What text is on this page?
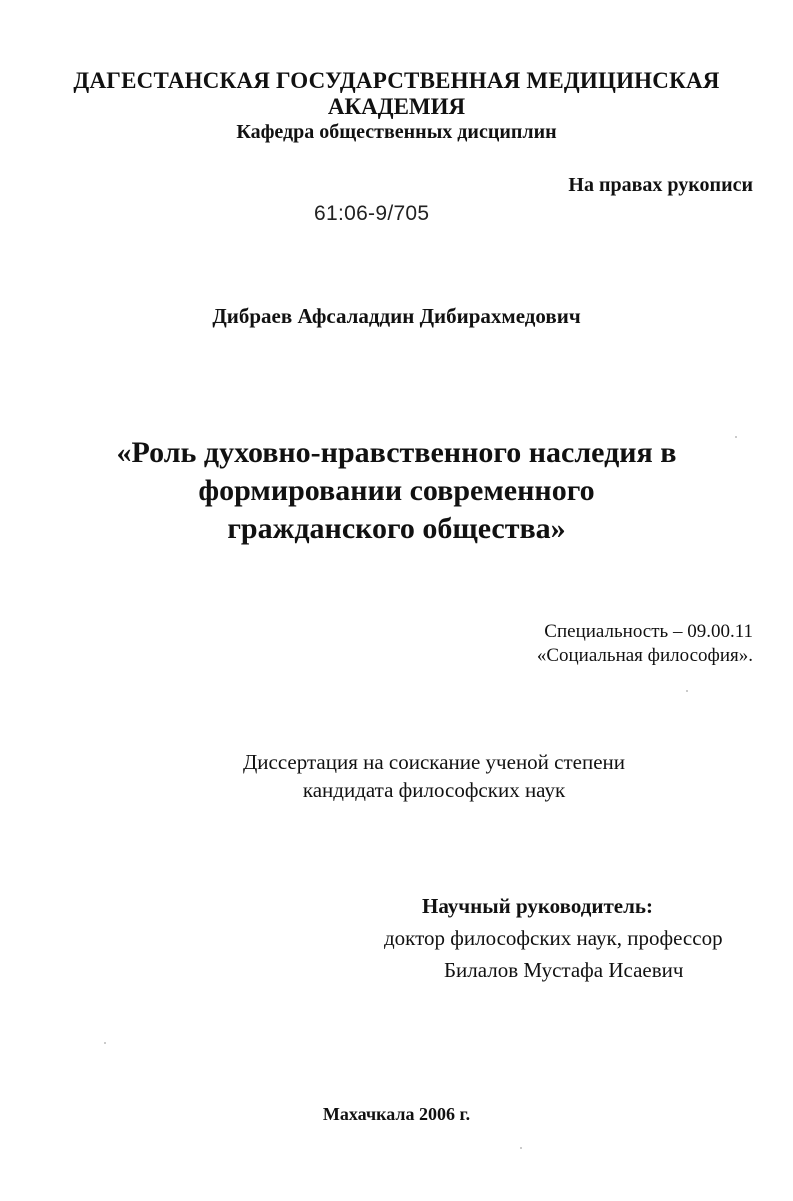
ДАГЕСТАНСКАЯ ГОСУДАРСТВЕННАЯ МЕДИЦИНСКАЯ
АКАДЕМИЯ
Кафедра общественных дисциплин
На правах рукописи
61:06-9/705
Дибраев Афсаладдин Дибирахмедович
«Роль духовно-нравственного наследия в
формировании современного
гражданского общества»
Специальность – 09.00.11
«Социальная философия».
Диссертация на соискание ученой степени
кандидата философских наук
Научный руководитель:
доктор философских наук, профессор
Билалов Мустафа Исаевич
Махачкала 2006 г.
